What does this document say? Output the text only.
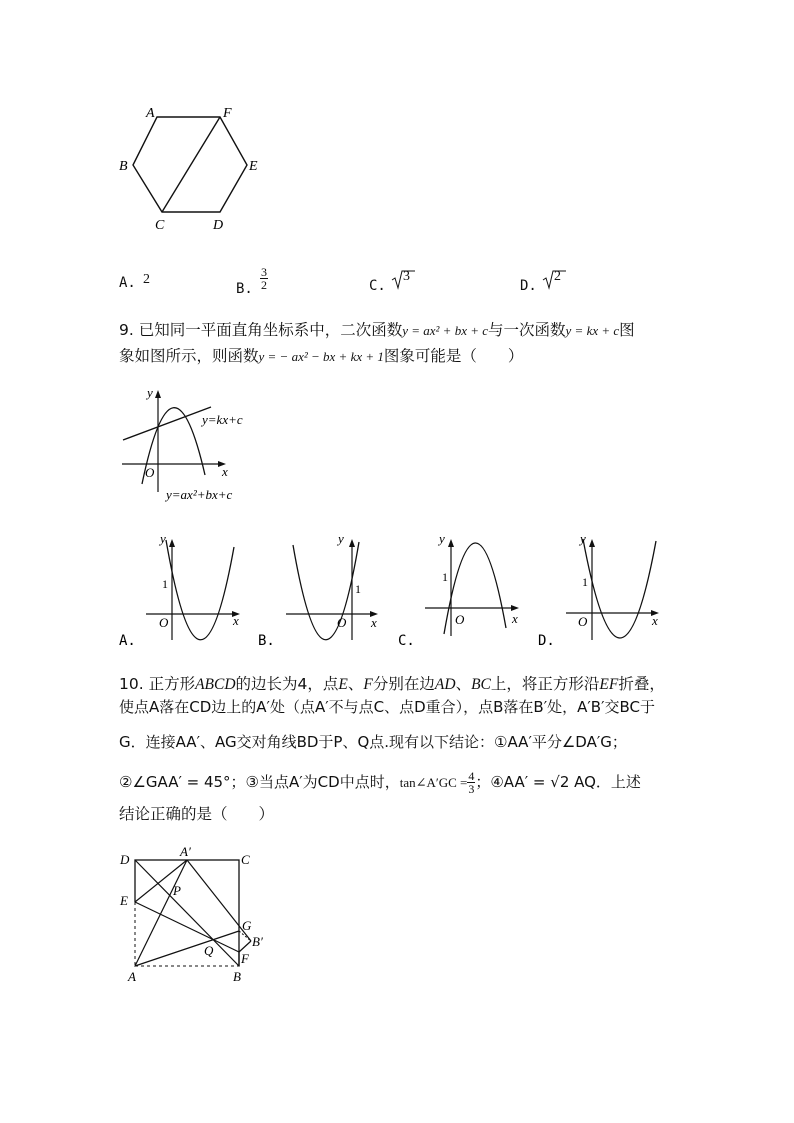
A	F
B	E
C	D
A. 2
B. $\frac{3}{2}$	C.
3
D.
2
9. 已知同一平面直角坐标系中，二次函数y = ax² + bx + c与一次函数y = kx + c图
象如图所示，则函数y = − ax² − bx + kx + 1图象可能是（　　）
y
x
O
y=kx+c
y=ax²+bx+c
y
1
O	x
A.
y
1
O x
B.
y
1
O	x
C.
y
1
O	x
D.
10. 正方形ABCD的边长为4，点E、F分别在边AD、BC上，将正方形沿EF折叠，
使点A落在CD边上的A′处（点A′不与点C、点D重合），点B落在B′处，A′B′交BC于
G．连接AA′、AG交对角线BD于P、Q点.现有以下结论：①AA′平分∠DA′G；
②∠GAA′ = 45°；③当点A′为CD中点时，tan∠A′GC = $\frac{4}{3}$ ；④AA′ = √2 AQ．上述
结论正确的是（　　）
D
A′
C
E
P
G
B′
Q
F
A	B
